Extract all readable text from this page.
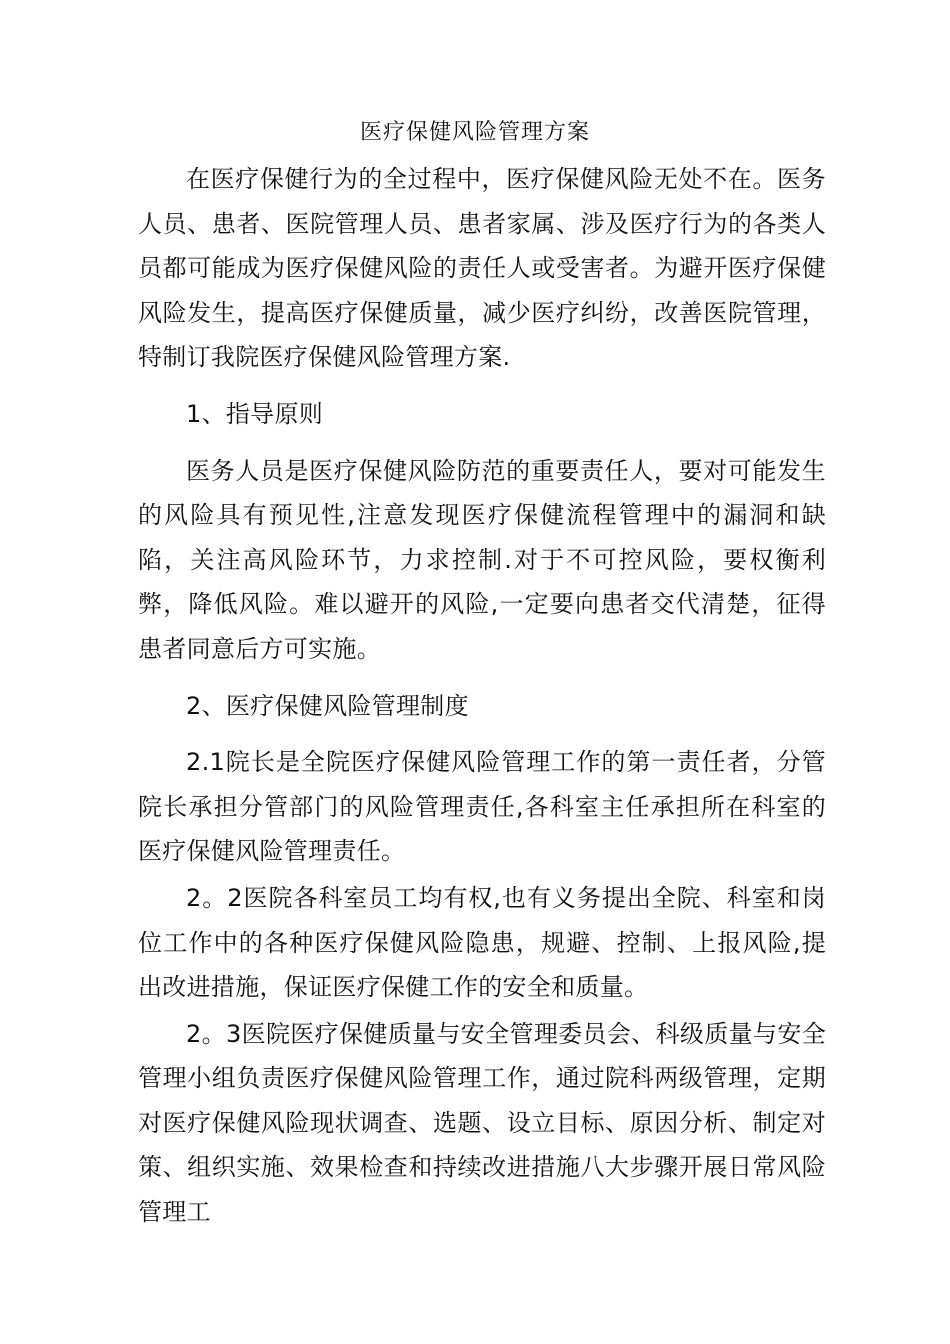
医疗保健风险管理方案

在医疗保健行为的全过程中，医疗保健风险无处不在。医务人员、患者、医院管理人员、患者家属、涉及医疗行为的各类人员都可能成为医疗保健风险的责任人或受害者。为避开医疗保健风险发生，提高医疗保健质量，减少医疗纠纷，改善医院管理，特制订我院医疗保健风险管理方案.

1、指导原则

医务人员是医疗保健风险防范的重要责任人，要对可能发生的风险具有预见性,注意发现医疗保健流程管理中的漏洞和缺陷，关注高风险环节，力求控制.对于不可控风险，要权衡利弊，降低风险。难以避开的风险,一定要向患者交代清楚，征得患者同意后方可实施。

2、医疗保健风险管理制度

2.1院长是全院医疗保健风险管理工作的第一责任者，分管院长承担分管部门的风险管理责任,各科室主任承担所在科室的医疗保健风险管理责任。

2。2医院各科室员工均有权,也有义务提出全院、科室和岗位工作中的各种医疗保健风险隐患，规避、控制、上报风险,提出改进措施，保证医疗保健工作的安全和质量。

2。3医院医疗保健质量与安全管理委员会、科级质量与安全管理小组负责医疗保健风险管理工作，通过院科两级管理，定期对医疗保健风险现状调查、选题、设立目标、原因分析、制定对策、组织实施、效果检查和持续改进措施八大步骤开展日常风险管理工
